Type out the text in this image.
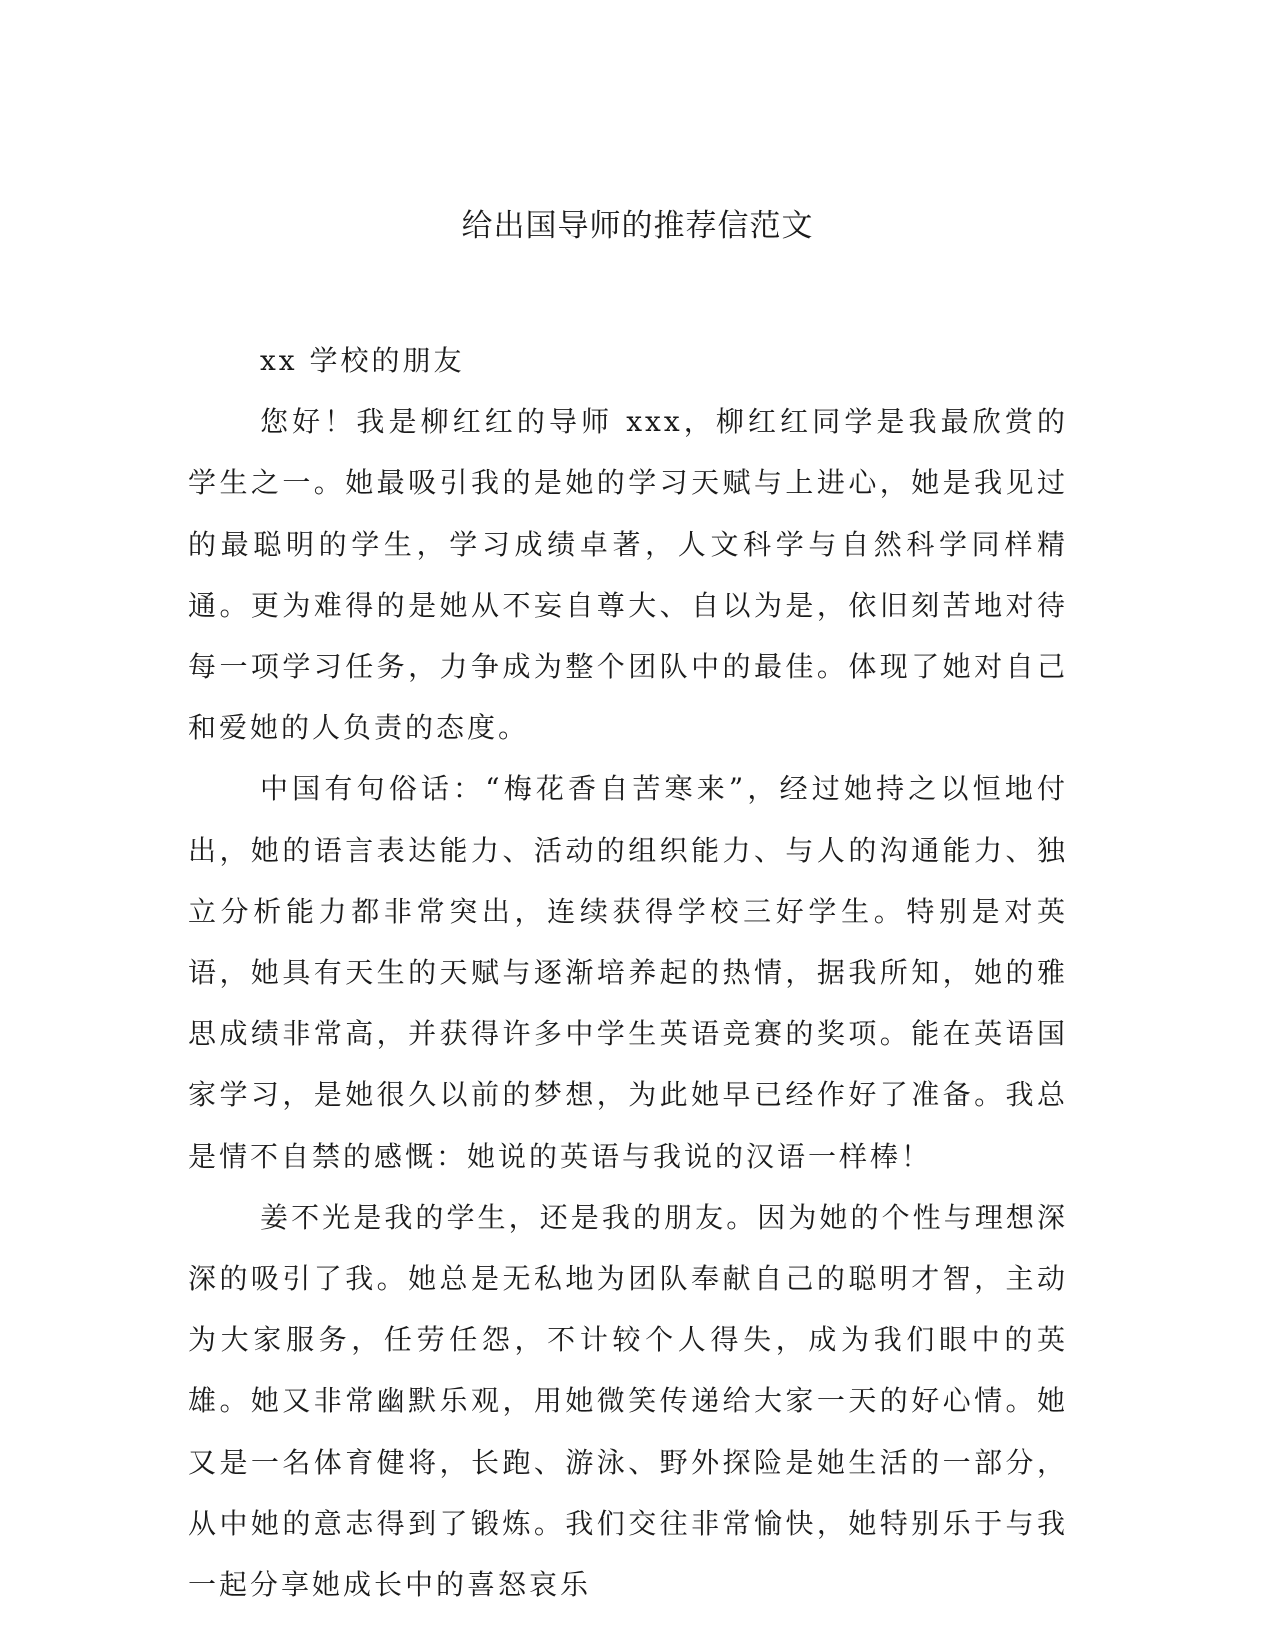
给出国导师的推荐信范文

xx 学校的朋友

您好！我是柳红红的导师 xxx，柳红红同学是我最欣赏的学生之一。她最吸引我的是她的学习天赋与上进心，她是我见过的最聪明的学生，学习成绩卓著，人文科学与自然科学同样精通。更为难得的是她从不妄自尊大、自以为是，依旧刻苦地对待每一项学习任务，力争成为整个团队中的最佳。体现了她对自己和爱她的人负责的态度。

中国有句俗话：“梅花香自苦寒来”，经过她持之以恒地付出，她的语言表达能力、活动的组织能力、与人的沟通能力、独立分析能力都非常突出，连续获得学校三好学生。特别是对英语，她具有天生的天赋与逐渐培养起的热情，据我所知，她的雅思成绩非常高，并获得许多中学生英语竞赛的奖项。能在英语国家学习，是她很久以前的梦想，为此她早已经作好了准备。我总是情不自禁的感慨：她说的英语与我说的汉语一样棒！

姜不光是我的学生，还是我的朋友。因为她的个性与理想深深的吸引了我。她总是无私地为团队奉献自己的聪明才智，主动为大家服务，任劳任怨，不计较个人得失，成为我们眼中的英雄。她又非常幽默乐观，用她微笑传递给大家一天的好心情。她又是一名体育健将，长跑、游泳、野外探险是她生活的一部分，从中她的意志得到了锻炼。我们交往非常愉快，她特别乐于与我一起分享她成长中的喜怒哀乐
